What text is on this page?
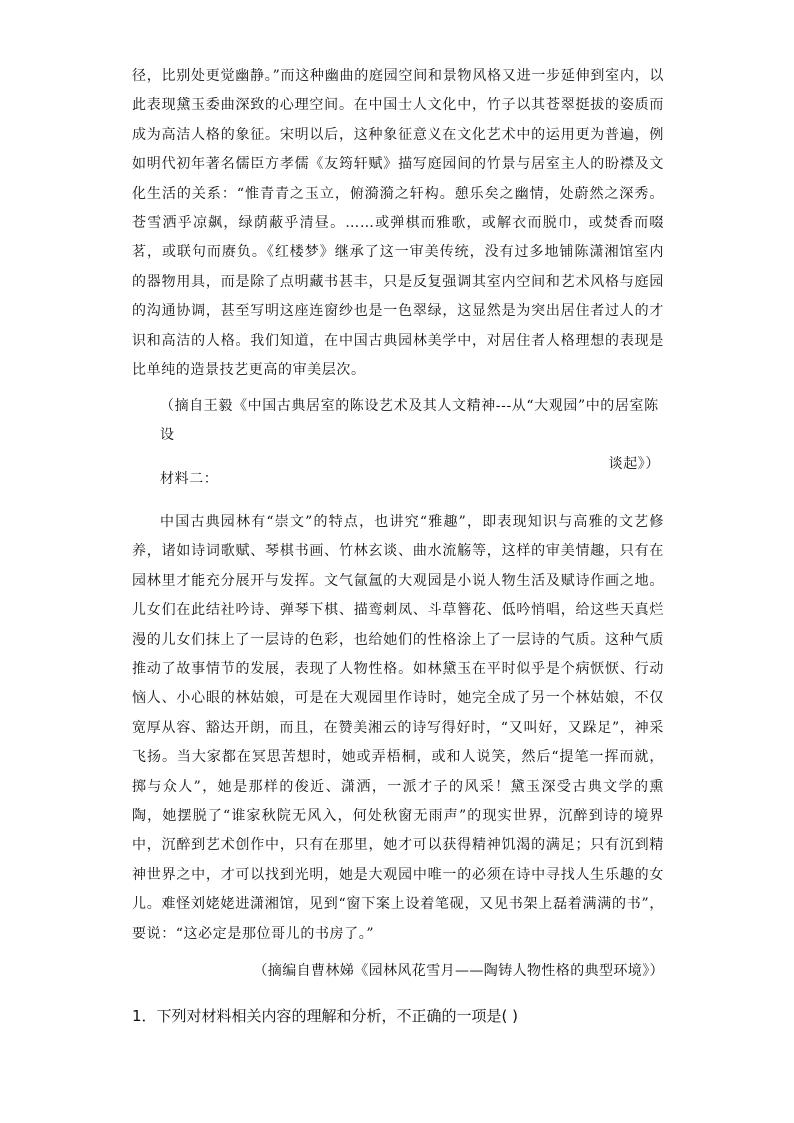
径，比别处更觉幽静。”而这种幽曲的庭园空间和景物风格又进一步延伸到室内，以此表现黛玉委曲深致的心理空间。在中国士人文化中，竹子以其苍翠挺拔的姿质而成为高洁人格的象征。宋明以后，这种象征意义在文化艺术中的运用更为普遍，例如明代初年著名儒臣方孝儒《友筠轩赋》描写庭园间的竹景与居室主人的盼襟及文化生活的关系：“惟青青之玉立，俯漪漪之轩构。憩乐矣之幽情，处蔚然之深秀。苍雪洒乎凉飙，绿荫蔽乎清昼。……或弹棋而雅歌，或解衣而脱巾，或焚香而啜茗，或联句而赓负。《红楼梦》继承了这一审美传统，没有过多地铺陈潇湘馆室内的器物用具，而是除了点明藏书甚丰，只是反复强调其室内空间和艺术风格与庭园的沟通协调，甚至写明这座连窗纱也是一色翠绿，这显然是为突出居住者过人的才识和高洁的人格。我们知道，在中国古典园林美学中，对居住者人格理想的表现是比单纯的造景技艺更高的审美层次。

（摘自王毅《中国古典居室的陈设艺术及其人文精神---从“大观园”中的居室陈设
谈起》）

材料二：

中国古典园林有“崇文”的特点，也讲究“雅趣”，即表现知识与高雅的文艺修养，诸如诗词歌赋、琴棋书画、竹林玄谈、曲水流觞等，这样的审美情趣，只有在园林里才能充分展开与发挥。文气氤氲的大观园是小说人物生活及赋诗作画之地。儿女们在此结社吟诗、弹琴下棋、描鸾刺凤、斗草簪花、低吟悄唱，给这些天真烂漫的儿女们抹上了一层诗的色彩，也给她们的性格涂上了一层诗的气质。这种气质推动了故事情节的发展，表现了人物性格。如林黛玉在平时似乎是个病恹恹、行动恼人、小心眼的林姑娘，可是在大观园里作诗时，她完全成了另一个林姑娘，不仅宽厚从容、豁达开朗，而且，在赞美湘云的诗写得好时，“又叫好，又跺足”，神采飞扬。当大家都在冥思苦想时，她或弄梧桐，或和人说笑，然后“提笔一挥而就，掷与众人”，她是那样的俊近、潇洒，一派才子的风采！黛玉深受古典文学的熏陶，她摆脱了“谁家秋院无风入，何处秋窗无雨声”的现实世界，沉醉到诗的境界中，沉醉到艺术创作中，只有在那里，她才可以获得精神饥渴的满足；只有沉到精神世界之中，才可以找到光明，她是大观园中唯一的必须在诗中寻找人生乐趣的女儿。难怪刘姥姥进潇湘馆，见到“窗下案上设着笔砚，又见书架上磊着满满的书”，要说：“这必定是那位哥儿的书房了。”

（摘编自曹林娣《园林风花雪月——陶铸人物性格的典型环境》）

1．下列对材料相关内容的理解和分析，不正确的一项是( )
